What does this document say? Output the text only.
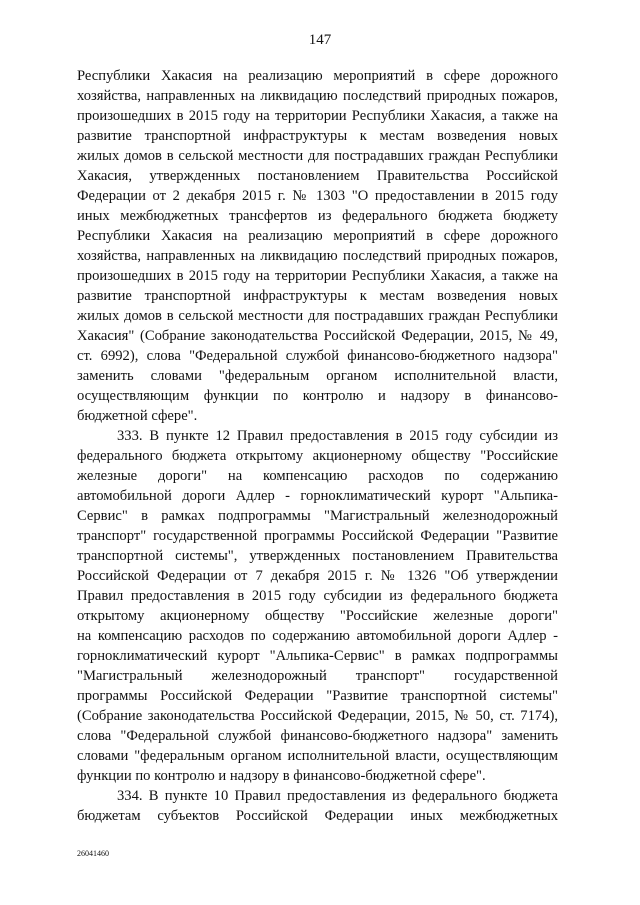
147
Республики Хакасия на реализацию мероприятий в сфере дорожного
хозяйства, направленных на ликвидацию последствий природных пожаров,
произошедших в 2015 году на территории Республики Хакасия, а также на
развитие транспортной инфраструктуры к местам возведения новых
жилых домов в сельской местности для пострадавших граждан Республики
Хакасия, утвержденных постановлением Правительства Российской
Федерации от 2 декабря 2015 г. № 1303 "О предоставлении в 2015 году
иных межбюджетных трансфертов из федерального бюджета бюджету
Республики Хакасия на реализацию мероприятий в сфере дорожного
хозяйства, направленных на ликвидацию последствий природных пожаров,
произошедших в 2015 году на территории Республики Хакасия, а также на
развитие транспортной инфраструктуры к местам возведения новых
жилых домов в сельской местности для пострадавших граждан Республики
Хакасия" (Собрание законодательства Российской Федерации, 2015, № 49,
ст. 6992), слова "Федеральной службой финансово-бюджетного надзора"
заменить словами "федеральным органом исполнительной власти,
осуществляющим функции по контролю и надзору в финансово-
бюджетной сфере".
333. В пункте 12 Правил предоставления в 2015 году субсидии из
федерального бюджета открытому акционерному обществу "Российские
железные дороги" на компенсацию расходов по содержанию
автомобильной дороги Адлер - горноклиматический курорт "Альпика-
Сервис" в рамках подпрограммы "Магистральный железнодорожный
транспорт" государственной программы Российской Федерации "Развитие
транспортной системы", утвержденных постановлением Правительства
Российской Федерации от 7 декабря 2015 г. № 1326 "Об утверждении
Правил предоставления в 2015 году субсидии из федерального бюджета
открытому акционерному обществу "Российские железные дороги"
на компенсацию расходов по содержанию автомобильной дороги Адлер -
горноклиматический курорт "Альпика-Сервис" в рамках подпрограммы
"Магистральный железнодорожный транспорт" государственной
программы Российской Федерации "Развитие транспортной системы"
(Собрание законодательства Российской Федерации, 2015, № 50, ст. 7174),
слова "Федеральной службой финансово-бюджетного надзора" заменить
словами "федеральным органом исполнительной власти, осуществляющим
функции по контролю и надзору в финансово-бюджетной сфере".
334. В пункте 10 Правил предоставления из федерального бюджета
бюджетам субъектов Российской Федерации иных межбюджетных
26041460
